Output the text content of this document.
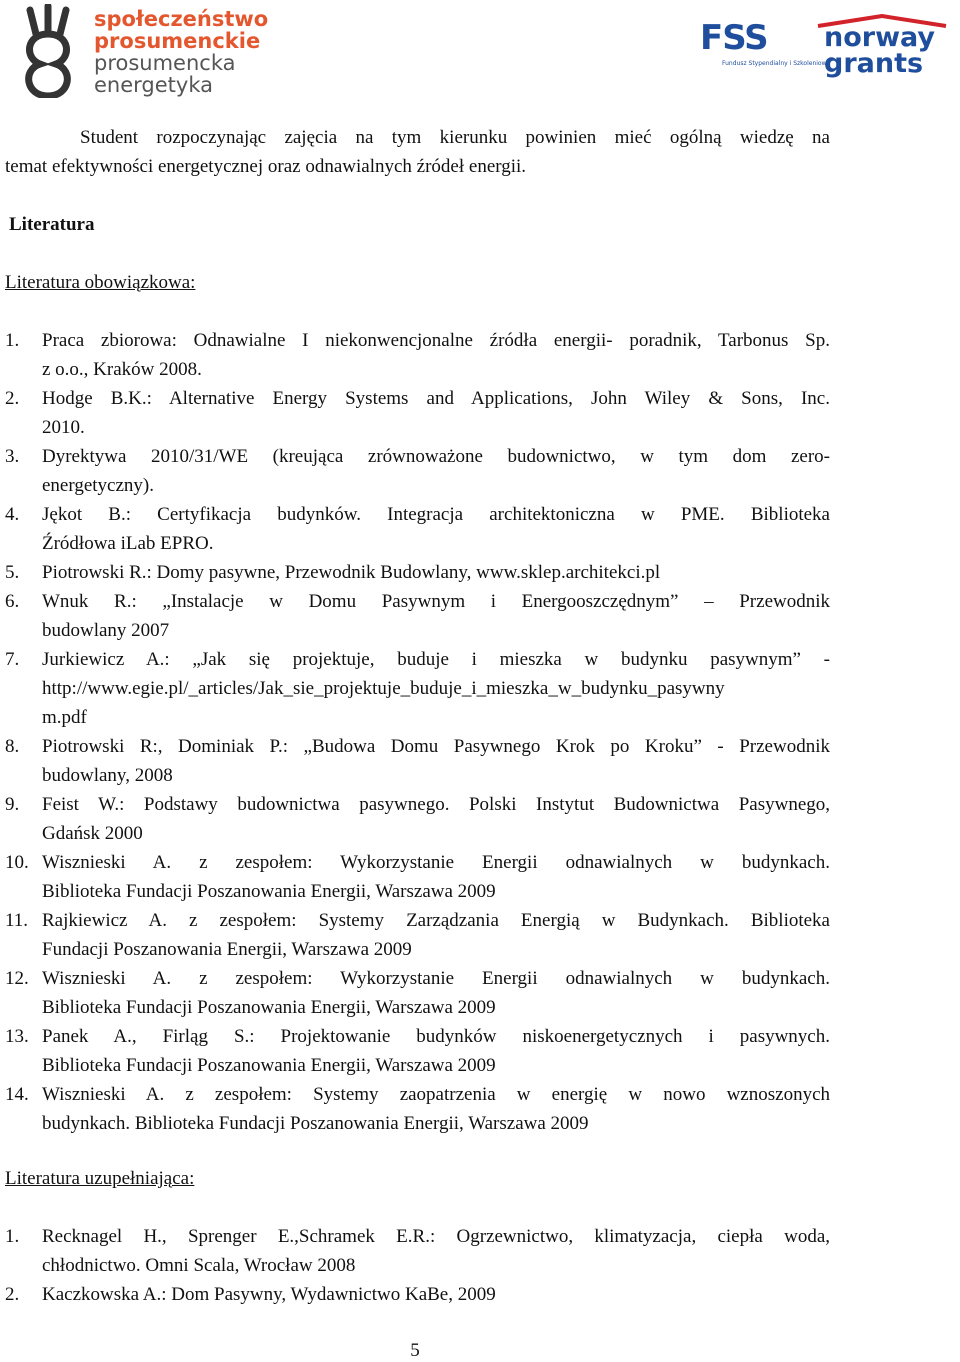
społeczeństwo
prosumenckie
prosumencka
energetyka
FSS
Fundusz Stypendialny i Szkoleniowy
norway
grants
Student rozpoczynając zajęcia na tym kierunku powinien mieć ogólną wiedzę na
temat efektywności energetycznej oraz odnawialnych źródeł energii.
Literatura
Literatura obowiązkowa:
1. Praca zbiorowa: Odnawialne I niekonwencjonalne źródła energii- poradnik, Tarbonus Sp.
z o.o., Kraków 2008.
2. Hodge B.K.: Alternative Energy Systems and Applications, John Wiley & Sons, Inc.
2010.
3. Dyrektywa 2010/31/WE (kreująca zrównoważone budownictwo, w tym dom zero-
energetyczny).
4. Jękot B.: Certyfikacja budynków. Integracja architektoniczna w PME. Biblioteka
Źródłowa iLab EPRO.
5. Piotrowski R.: Domy pasywne, Przewodnik Budowlany, www.sklep.architekci.pl
6. Wnuk R.: „Instalacje w Domu Pasywnym i Energooszczędnym” – Przewodnik
budowlany 2007
7. Jurkiewicz A.: „Jak się projektuje, buduje i mieszka w budynku pasywnym” -
http://www.egie.pl/_articles/Jak_sie_projektuje_buduje_i_mieszka_w_budynku_pasywny
m.pdf
8. Piotrowski R:, Dominiak P.: „Budowa Domu Pasywnego Krok po Kroku” - Przewodnik
budowlany, 2008
9. Feist W.: Podstawy budownictwa pasywnego. Polski Instytut Budownictwa Pasywnego,
Gdańsk 2000
10. Wisznieski A. z zespołem: Wykorzystanie Energii odnawialnych w budynkach.
Biblioteka Fundacji Poszanowania Energii, Warszawa 2009
11. Rajkiewicz A. z zespołem: Systemy Zarządzania Energią w Budynkach. Biblioteka
Fundacji Poszanowania Energii, Warszawa 2009
12. Wisznieski A. z zespołem: Wykorzystanie Energii odnawialnych w budynkach.
Biblioteka Fundacji Poszanowania Energii, Warszawa 2009
13. Panek A., Firląg S.: Projektowanie budynków niskoenergetycznych i pasywnych.
Biblioteka Fundacji Poszanowania Energii, Warszawa 2009
14. Wisznieski A. z zespołem: Systemy zaopatrzenia w energię w nowo wznoszonych
budynkach. Biblioteka Fundacji Poszanowania Energii, Warszawa 2009
Literatura uzupełniająca:
1. Recknagel H., Sprenger E.,Schramek E.R.: Ogrzewnictwo, klimatyzacja, ciepła woda,
chłodnictwo. Omni Scala, Wrocław 2008
2. Kaczkowska A.: Dom Pasywny, Wydawnictwo KaBe, 2009
5
